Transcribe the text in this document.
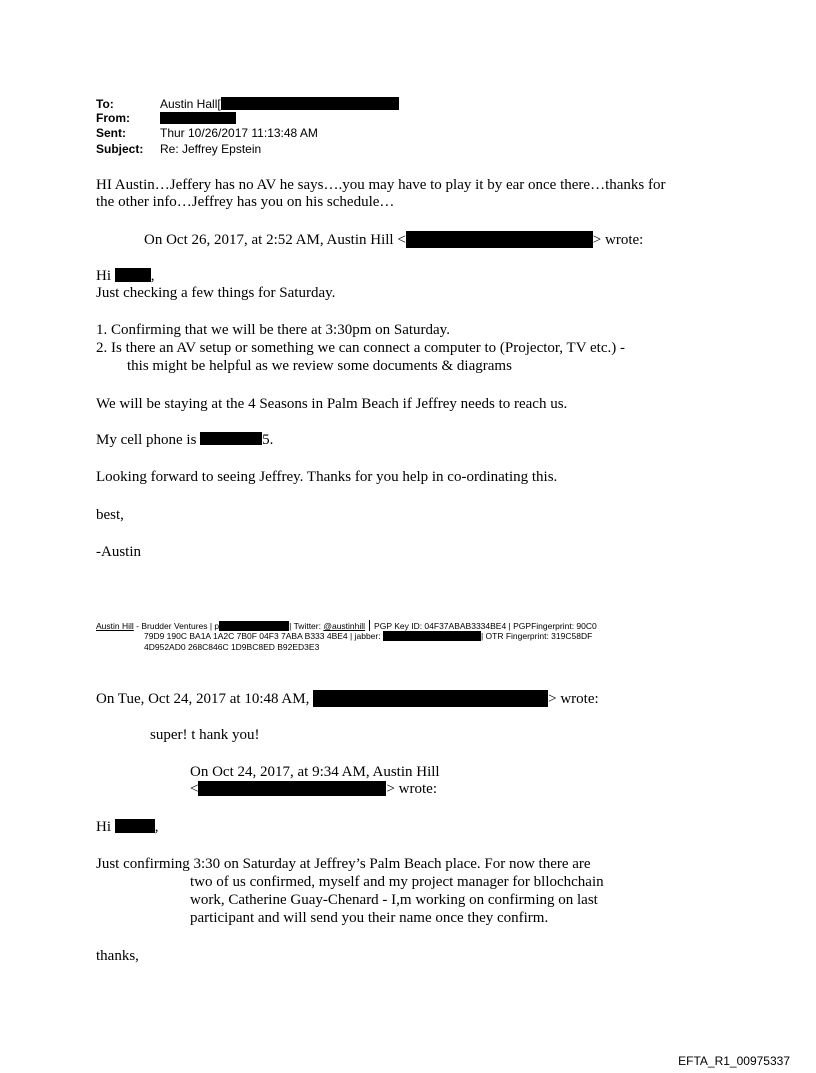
To:	Austin Hall[
From:
Sent:	Thur 10/26/2017 11:13:48 AM
Subject: Re: Jeffrey Epstein
HI Austin…Jeffery has no AV he says….you may have to play it by ear once there…thanks for
the other info…Jeffrey has you on his schedule…
On Oct 26, 2017, at 2:52 AM, Austin Hill <	> wrote:
Hi ,
Just checking a few things for Saturday.
1. Confirming that we will be there at 3:30pm on Saturday.
2. Is there an AV setup or something we can connect a computer to (Projector, TV etc.) -
this might be helpful as we review some documents & diagrams
We will be staying at the 4 Seasons in Palm Beach if Jeffrey needs to reach us.
My cell phone is	5.
Looking forward to seeing Jeffrey. Thanks for you help in co-ordinating this.
best,
-Austin
Austin Hill - Brudder Ventures | p	| Twitter: @austinhill PGP Key ID: 04F37ABAB3334BE4 | PGPFingerprint: 90C0
79D9 190C BA1A 1A2C 7B0F 04F3 7ABA B333 4BE4 | jabber:	| OTR Fingerprint: 319C58DF
4D952AD0 268C846C 1D9BC8ED B92ED3E3
On Tue, Oct 24, 2017 at 10:48 AM,	> wrote:
super! t hank you!
On Oct 24, 2017, at 9:34 AM, Austin Hill
<	> wrote:
Hi	,
Just confirming 3:30 on Saturday at Jeffrey’s Palm Beach place. For now there are
two of us confirmed, myself and my project manager for bllochchain
work, Catherine Guay-Chenard - I,m working on confirming on last
participant and will send you their name once they confirm.
thanks,
EFTA_R1_00975337
